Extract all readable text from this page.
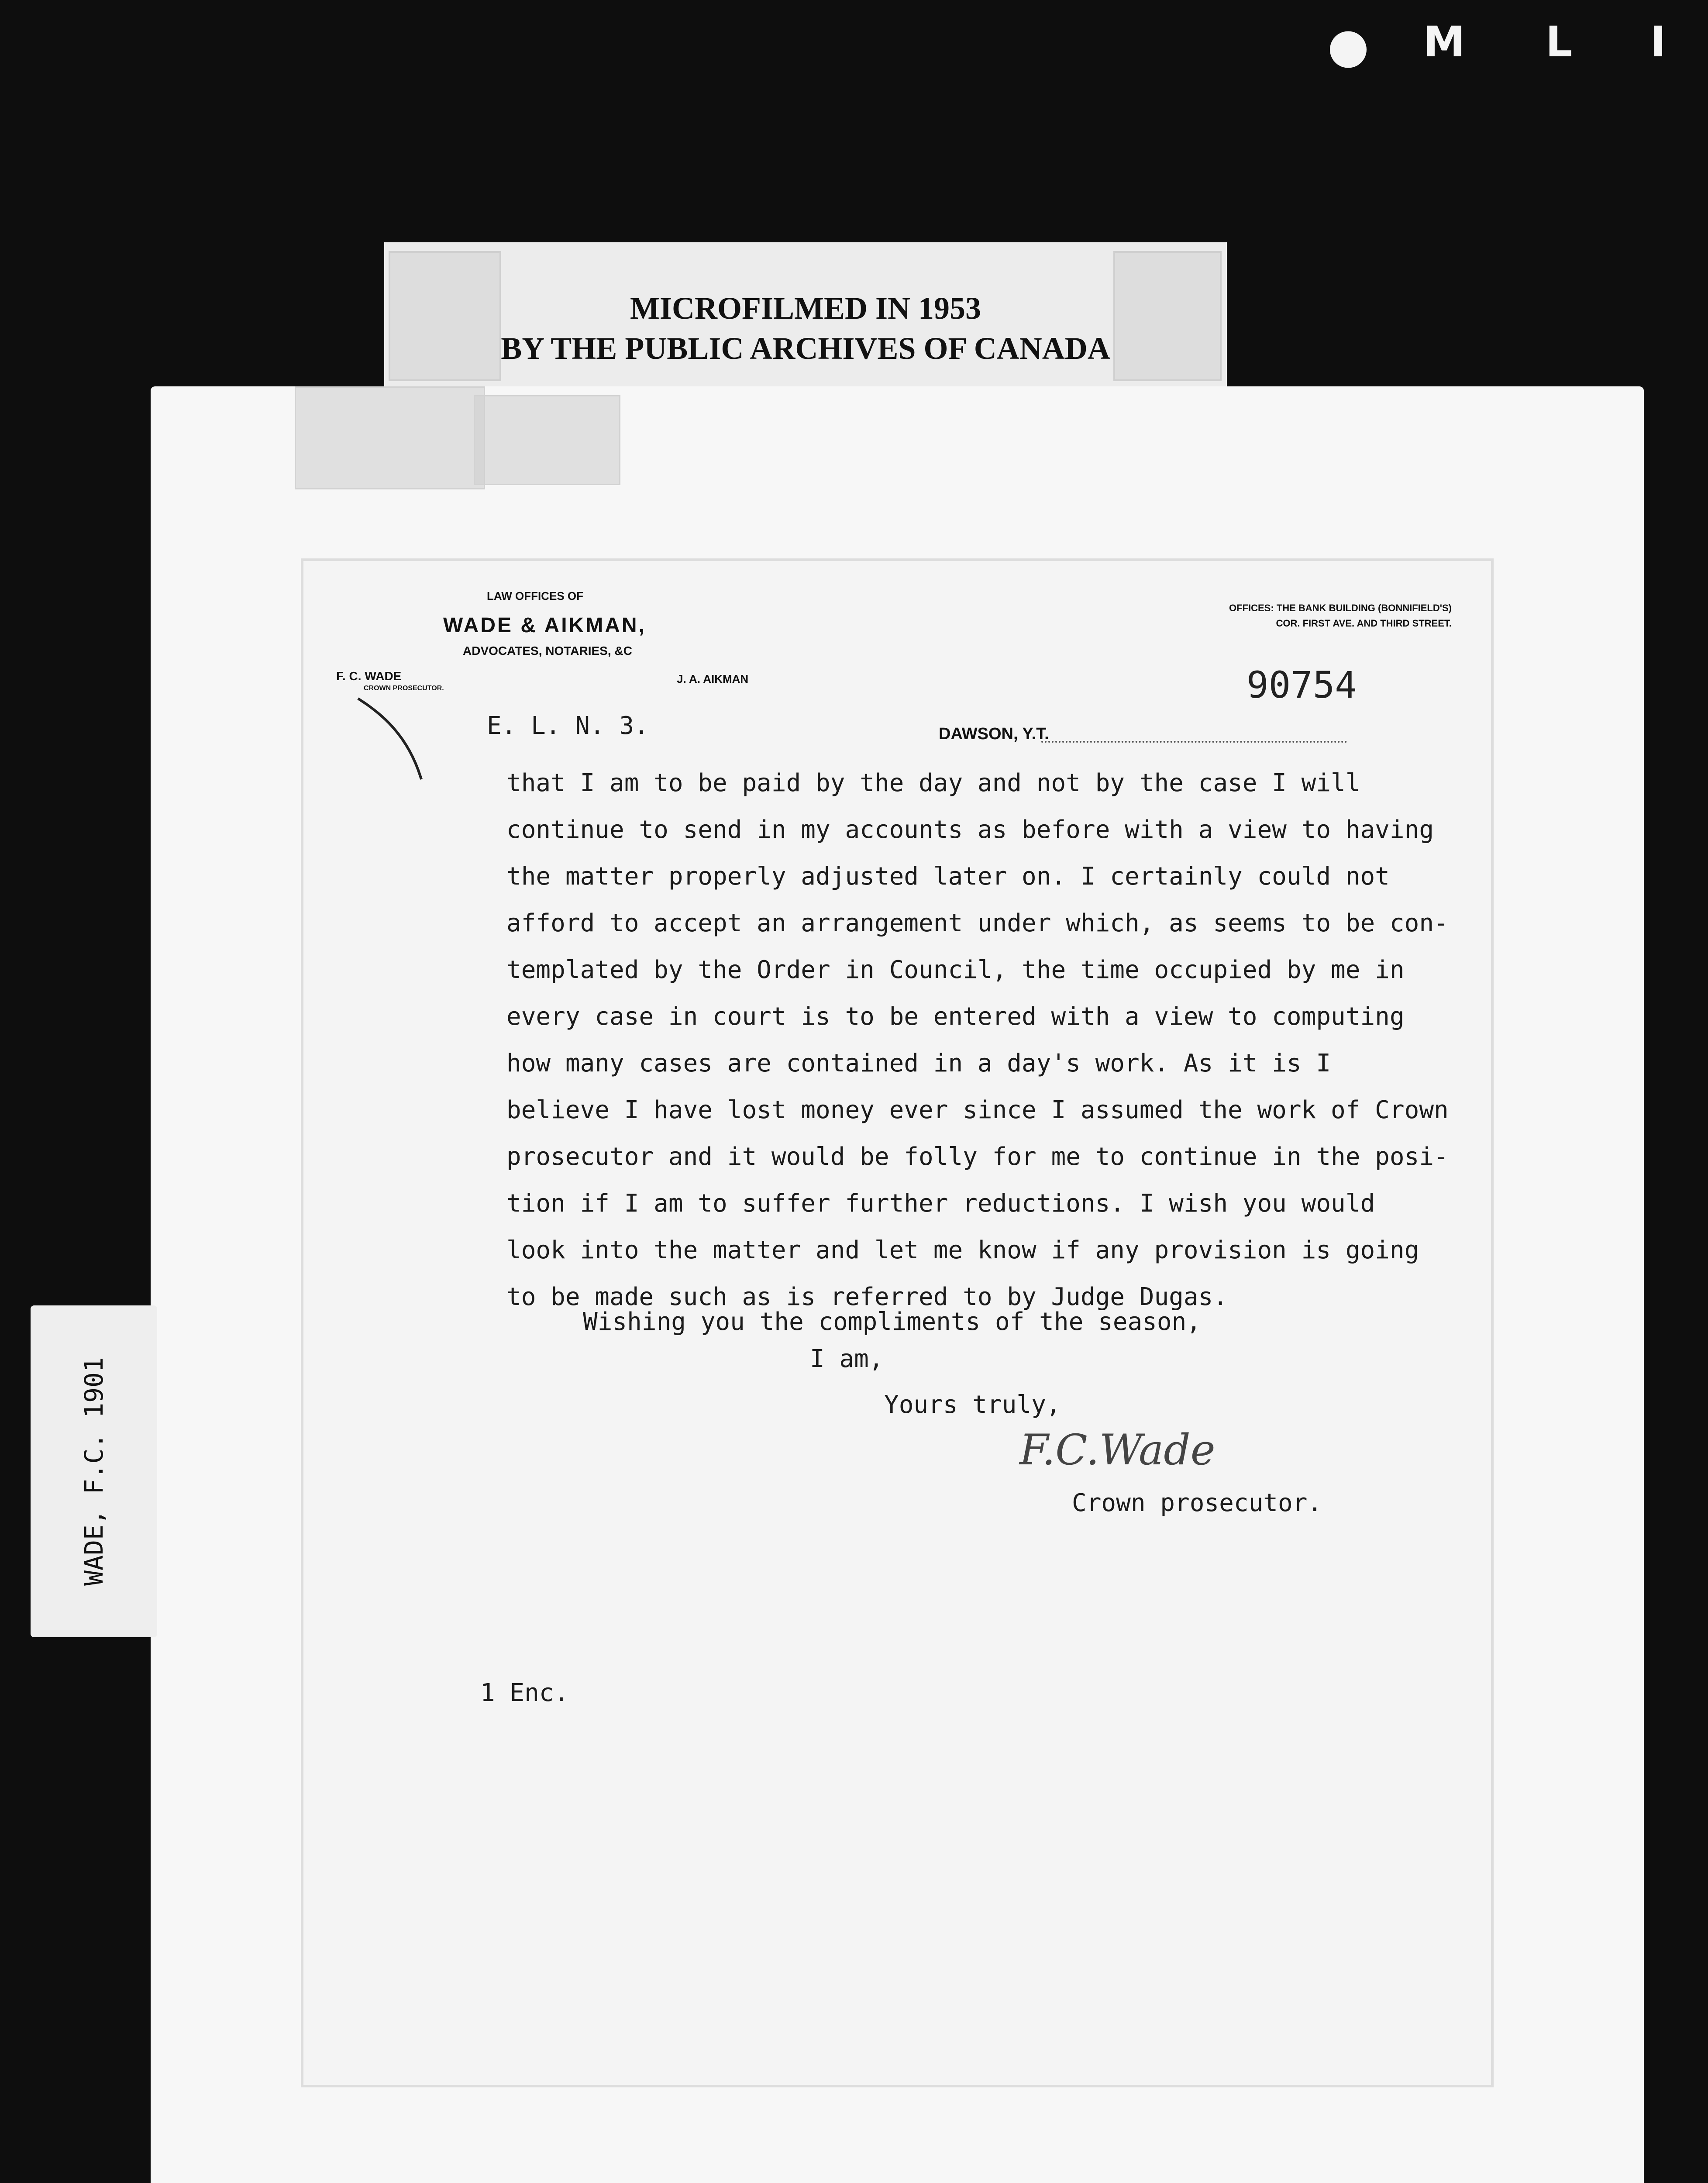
● M L I
MICROFILMED IN 1953
BY THE PUBLIC ARCHIVES OF CANADA
WADE, F.C. 1901
LAW OFFICES OF
WADE & AIKMAN,
ADVOCATES, NOTARIES, &C
F. C. WADE
CROWN PROSECUTOR.
J. A. AIKMAN
OFFICES: THE BANK BUILDING (BONNIFIELD'S)
COR. FIRST AVE. AND THIRD STREET.
DAWSON, Y.T.
90754
E. L. N. 3.
that I am to be paid by the day and not by the case I will
continue to send in my accounts as before with a view to having
the matter properly adjusted later on. I certainly could not
afford to accept an arrangement under which, as seems to be con-
templated by the Order in Council, the time occupied by me in
every case in court is to be entered with a view to computing
how many cases are contained in a day's work. As it is I
believe I have lost money ever since I assumed the work of Crown
prosecutor and it would be folly for me to continue in the posi-
tion if I am to suffer further reductions. I wish you would
look into the matter and let me know if any provision is going
to be made such as is referred to by Judge Dugas.
Wishing you the compliments of the season,
I am,
Yours truly,
F.C.Wade
Crown prosecutor.
1 Enc.
